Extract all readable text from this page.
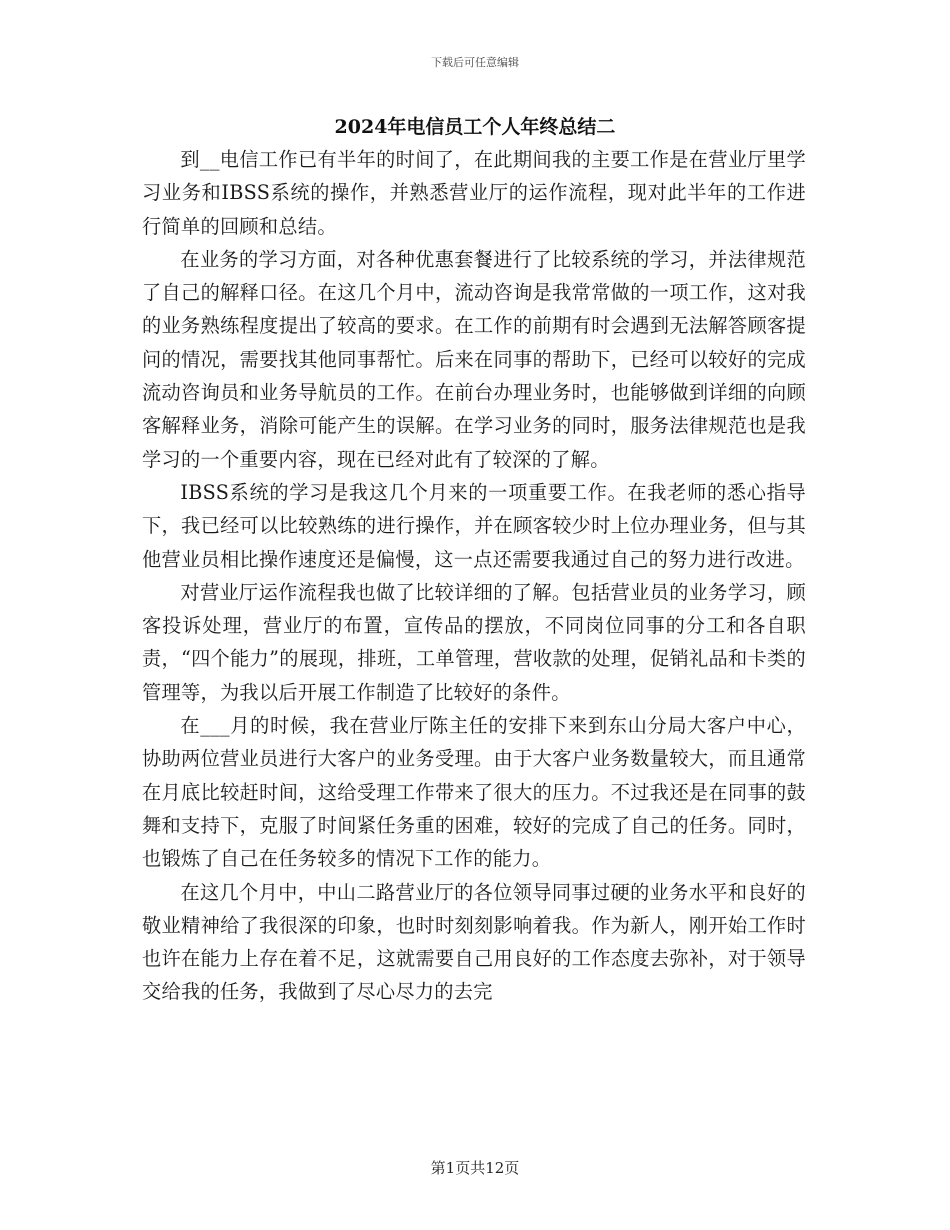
下载后可任意编辑
2024年电信员工个人年终总结二

到__电信工作已有半年的时间了，在此期间我的主要工作是在营业厅里学习业务和IBSS系统的操作，并熟悉营业厅的运作流程，现对此半年的工作进行简单的回顾和总结。

在业务的学习方面，对各种优惠套餐进行了比较系统的学习，并法律规范了自己的解释口径。在这几个月中，流动咨询是我常常做的一项工作，这对我的业务熟练程度提出了较高的要求。在工作的前期有时会遇到无法解答顾客提问的情况，需要找其他同事帮忙。后来在同事的帮助下，已经可以较好的完成流动咨询员和业务导航员的工作。在前台办理业务时，也能够做到详细的向顾客解释业务，消除可能产生的误解。在学习业务的同时，服务法律规范也是我学习的一个重要内容，现在已经对此有了较深的了解。

IBSS系统的学习是我这几个月来的一项重要工作。在我老师的悉心指导下，我已经可以比较熟练的进行操作，并在顾客较少时上位办理业务，但与其他营业员相比操作速度还是偏慢，这一点还需要我通过自己的努力进行改进。

对营业厅运作流程我也做了比较详细的了解。包括营业员的业务学习，顾客投诉处理，营业厅的布置，宣传品的摆放，不同岗位同事的分工和各自职责，“四个能力”的展现，排班，工单管理，营收款的处理，促销礼品和卡类的管理等，为我以后开展工作制造了比较好的条件。

在___月的时候，我在营业厅陈主任的安排下来到东山分局大客户中心，协助两位营业员进行大客户的业务受理。由于大客户业务数量较大，而且通常在月底比较赶时间，这给受理工作带来了很大的压力。不过我还是在同事的鼓舞和支持下，克服了时间紧任务重的困难，较好的完成了自己的任务。同时，也锻炼了自己在任务较多的情况下工作的能力。

在这几个月中，中山二路营业厅的各位领导同事过硬的业务水平和良好的敬业精神给了我很深的印象，也时时刻刻影响着我。作为新人，刚开始工作时也许在能力上存在着不足，这就需要自己用良好的工作态度去弥补，对于领导交给我的任务，我做到了尽心尽力的去完

第1页共12页
